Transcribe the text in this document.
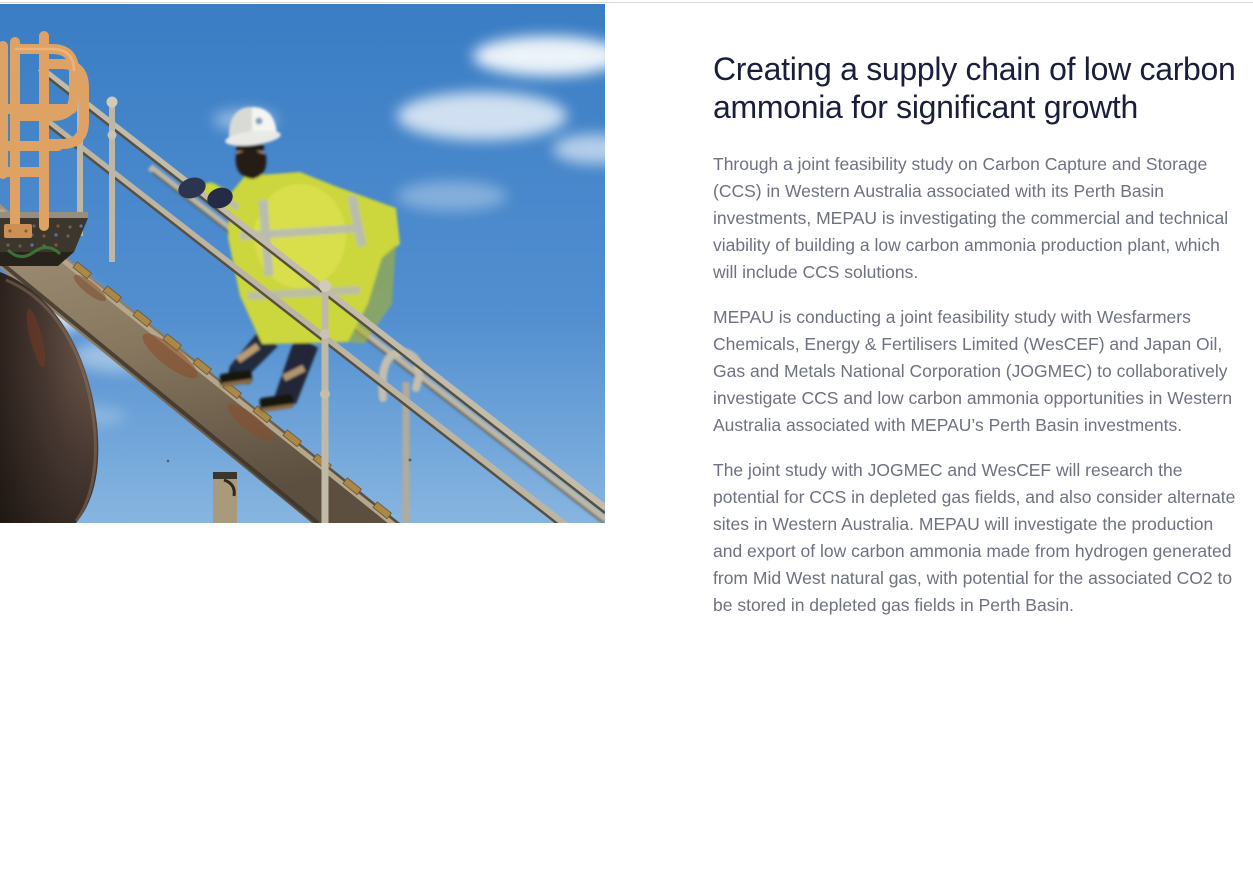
Creating a supply chain of low carbon ammonia for significant growth

Through a joint feasibility study on Carbon Capture and Storage (CCS) in Western Australia associated with its Perth Basin investments, MEPAU is investigating the commercial and technical viability of building a low carbon ammonia production plant, which will include CCS solutions.

MEPAU is conducting a joint feasibility study with Wesfarmers Chemicals, Energy & Fertilisers Limited (WesCEF) and Japan Oil, Gas and Metals National Corporation (JOGMEC) to collaboratively investigate CCS and low carbon ammonia opportunities in Western Australia associated with MEPAU’s Perth Basin investments.

The joint study with JOGMEC and WesCEF will research the potential for CCS in depleted gas fields, and also consider alternate sites in Western Australia. MEPAU will investigate the production and export of low carbon ammonia made from hydrogen generated from Mid West natural gas, with potential for the associated CO2 to be stored in depleted gas fields in Perth Basin.
